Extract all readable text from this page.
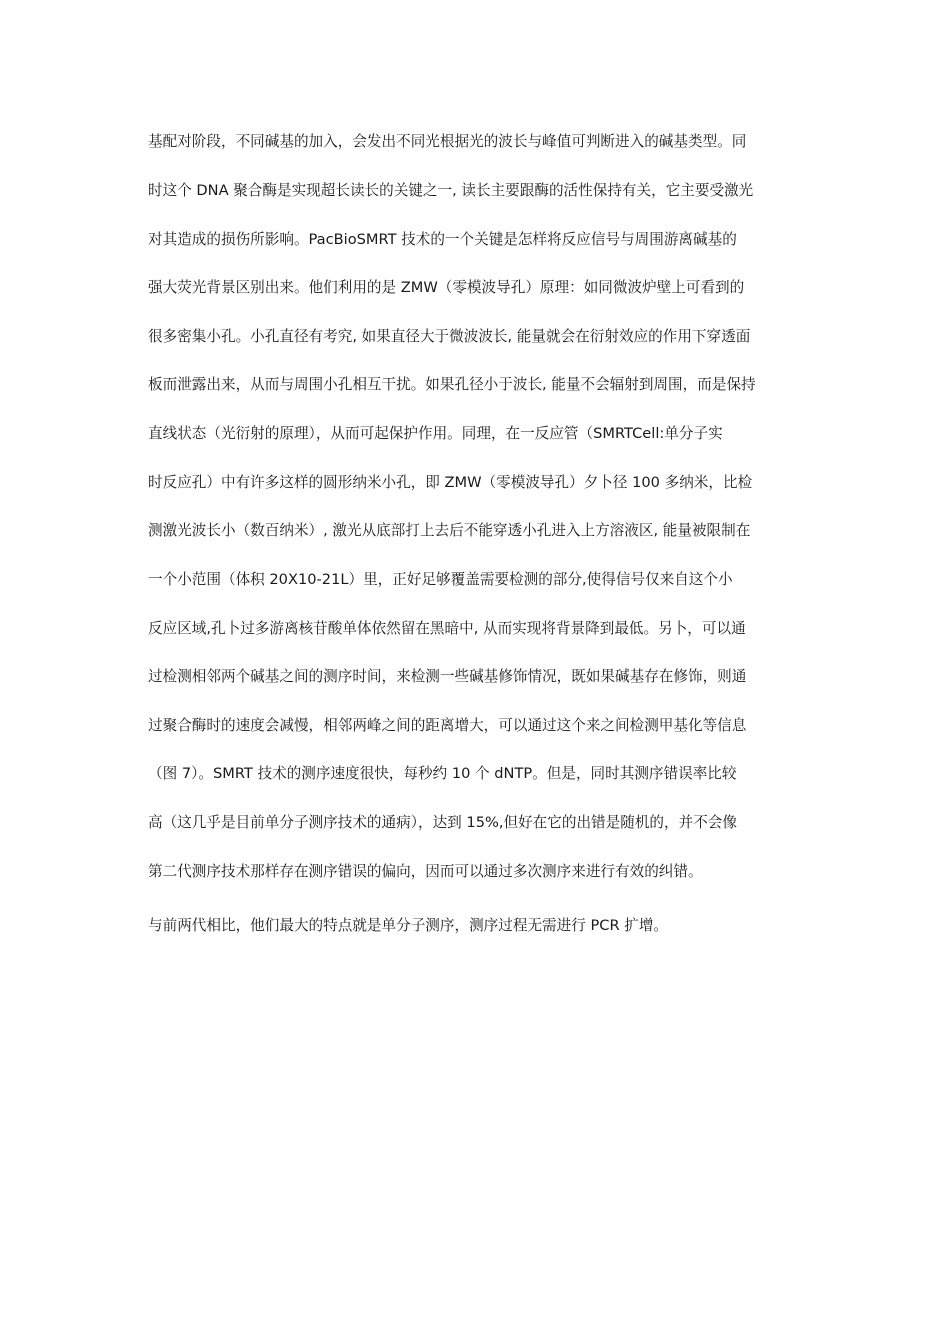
基配对阶段，不同碱基的加入，会发出不同光根据光的波长与峰值可判断进入的碱基类型。同
时这个 DNA 聚合酶是实现超长读长的关键之一, 读长主要跟酶的活性保持有关，它主要受激光
对其造成的损伤所影响。PacBioSMRT 技术的一个关键是怎样将反应信号与周围游离碱基的
强大荧光背景区别出来。他们利用的是 ZMW（零模波导孔）原理：如同微波炉壁上可看到的
很多密集小孔。小孔直径有考究, 如果直径大于微波波长, 能量就会在衍射效应的作用下穿透面
板而泄露出来，从而与周围小孔相互干扰。如果孔径小于波长, 能量不会辐射到周围，而是保持
直线状态（光衍射的原理），从而可起保护作用。同理，在一反应管（SMRTCell:单分子实
时反应孔）中有许多这样的圆形纳米小孔，即 ZMW（零模波导孔）夕卜径 100 多纳米，比检
测激光波长小（数百纳米）, 激光从底部打上去后不能穿透小孔进入上方溶液区, 能量被限制在
一个小范围（体积 20X10-21L）里，正好足够覆盖需要检测的部分,使得信号仅来自这个小
反应区域,孔卜过多游离核苷酸单体依然留在黑暗中, 从而实现将背景降到最低。另卜，可以通
过检测相邻两个碱基之间的测序时间，来检测一些碱基修饰情况，既如果碱基存在修饰，则通
过聚合酶时的速度会减慢，相邻两峰之间的距离增大，可以通过这个来之间检测甲基化等信息
（图 7）。SMRT 技术的测序速度很快，每秒约 10 个 dNTP。但是，同时其测序错误率比较
高（这几乎是目前单分子测序技术的通病），达到 15%,但好在它的出错是随机的，并不会像
第二代测序技术那样存在测序错误的偏向，因而可以通过多次测序来进行有效的纠错。
与前两代相比，他们最大的特点就是单分子测序，测序过程无需进行 PCR 扩增。
